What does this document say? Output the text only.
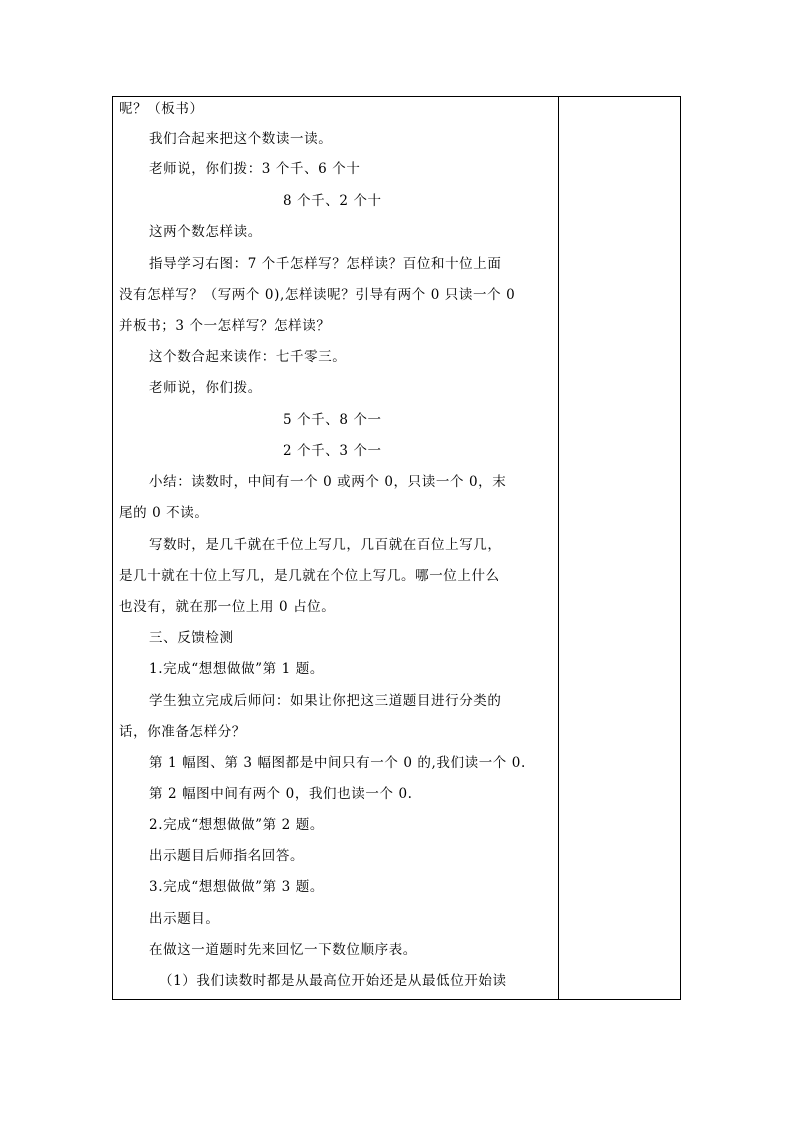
呢？（板书）
我们合起来把这个数读一读。
老师说，你们拨：3 个千、6 个十
8 个千、2 个十
这两个数怎样读。
指导学习右图：7 个千怎样写？怎样读？百位和十位上面
没有怎样写？（写两个 0),怎样读呢？引导有两个 0 只读一个 0
并板书；3 个一怎样写？怎样读？
这个数合起来读作：七千零三。
老师说，你们拨。
5 个千、8 个一
2 个千、3 个一
小结：读数时，中间有一个 0 或两个 0，只读一个 0，末
尾的 0 不读。
写数时，是几千就在千位上写几，几百就在百位上写几，
是几十就在十位上写几，是几就在个位上写几。哪一位上什么
也没有，就在那一位上用 0 占位。
三、反馈检测
1.完成“想想做做”第 1 题。
学生独立完成后师问：如果让你把这三道题目进行分类的
话，你准备怎样分？
第 1 幅图、第 3 幅图都是中间只有一个 0 的,我们读一个 0.
第 2 幅图中间有两个 0，我们也读一个 0.
2.完成“想想做做”第 2 题。
出示题目后师指名回答。
3.完成“想想做做”第 3 题。
出示题目。
在做这一道题时先来回忆一下数位顺序表。
（1）我们读数时都是从最高位开始还是从最低位开始读
